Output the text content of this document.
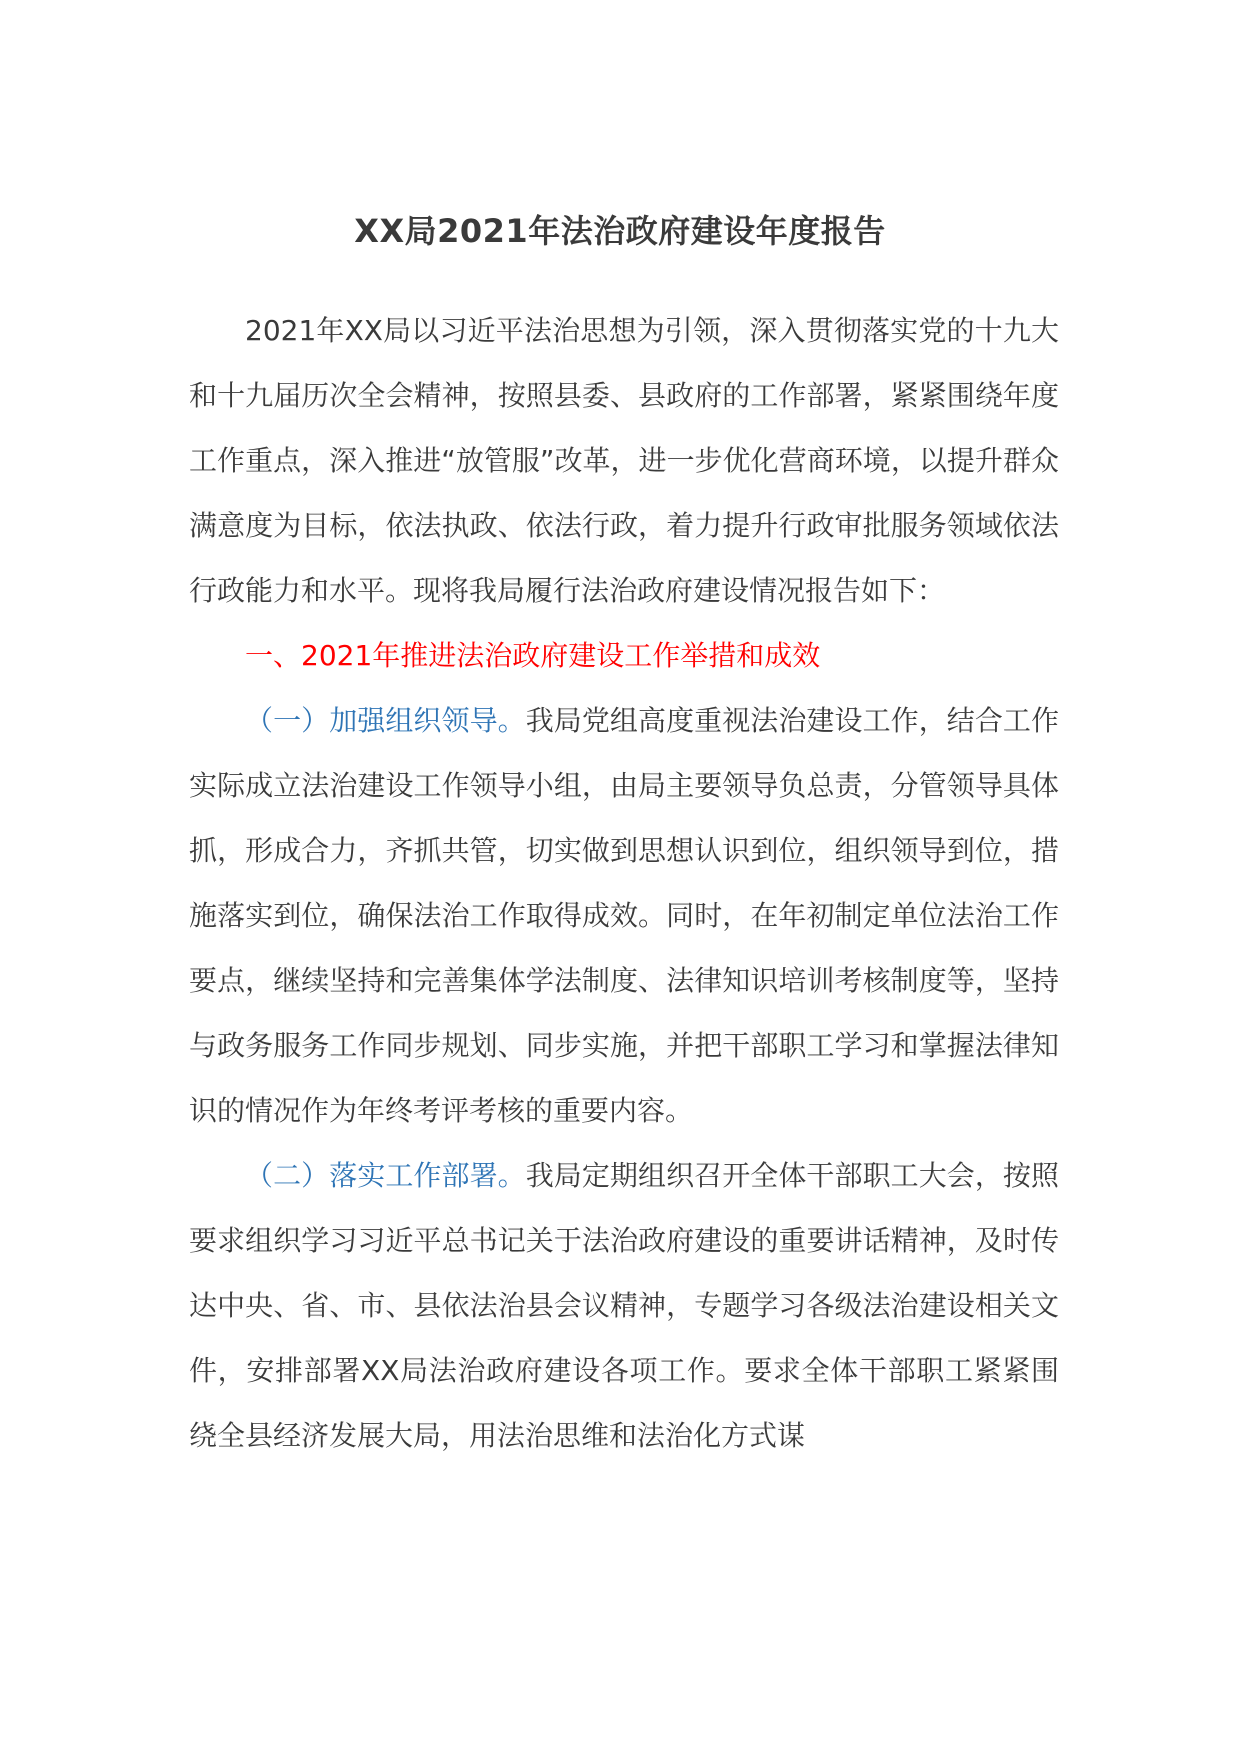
XX局2021年法治政府建设年度报告

2021年XX局以习近平法治思想为引领，深入贯彻落实党的十九大和十九届历次全会精神，按照县委、县政府的工作部署，紧紧围绕年度工作重点，深入推进“放管服”改革，进一步优化营商环境，以提升群众满意度为目标，依法执政、依法行政，着力提升行政审批服务领域依法行政能力和水平。现将我局履行法治政府建设情况报告如下：

一、2021年推进法治政府建设工作举措和成效

（一）加强组织领导。我局党组高度重视法治建设工作，结合工作实际成立法治建设工作领导小组，由局主要领导负总责，分管领导具体抓，形成合力，齐抓共管，切实做到思想认识到位，组织领导到位，措施落实到位，确保法治工作取得成效。同时，在年初制定单位法治工作要点，继续坚持和完善集体学法制度、法律知识培训考核制度等，坚持与政务服务工作同步规划、同步实施，并把干部职工学习和掌握法律知识的情况作为年终考评考核的重要内容。

（二）落实工作部署。我局定期组织召开全体干部职工大会，按照要求组织学习习近平总书记关于法治政府建设的重要讲话精神，及时传达中央、省、市、县依法治县会议精神，专题学习各级法治建设相关文件，安排部署XX局法治政府建设各项工作。要求全体干部职工紧紧围绕全县经济发展大局，用法治思维和法治化方式谋
